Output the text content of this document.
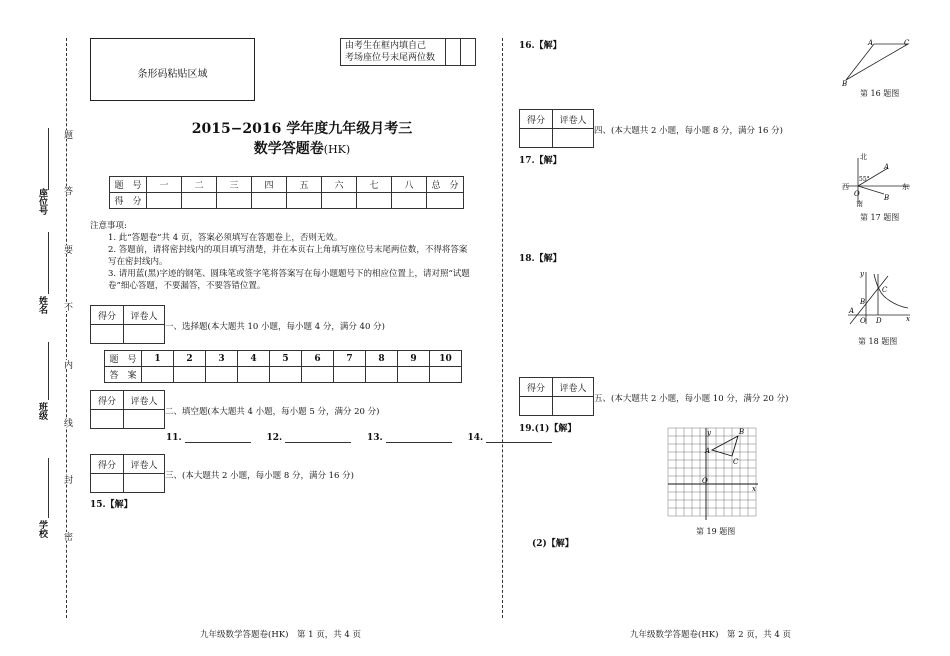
座位号
姓名
班级
学校
题
答
要
不
内
线
封
密
条形码粘贴区域
由考生在框内填自己
考场座位号末尾两位数		
2015−2016 学年度九年级月考三
数学答题卷(HK)
题　号	一	二	三	四	五	六	七	八	总　分
得　分									
注意事项:
1. 此“答题卷”共 4 页，答案必须填写在答题卷上，否则无效。
2. 答题前，请将密封线内的项目填写清楚，并在本页右上角填写座位号末尾两位数，不得将答案写在密封线内。
3. 请用蓝(黑)字迹的钢笔、圆珠笔或签字笔将答案写在每小题题号下的相应位置上，请对照“试题卷”细心答题，不要漏答，不要答错位置。
得分	评卷人

一、选择题(本大题共 10 小题，每小题 4 分，满分 40 分)
题　号	1	2	3	4	5	6	7	8	9	10
答　案										
得分	评卷人

二、填空题(本大题共 4 小题，每小题 5 分，满分 20 分)
11.	12.	13.	14.
得分	评卷人

三、(本大题共 2 小题，每小题 8 分，满分 16 分)
15.【解】
九年级数学答题卷(HK)　第 1 页，共 4 页
16.【解】	A	C
B
第 16 题图
得分	评卷人

四、(本大题共 2 小题，每小题 8 分，满分 16 分)
17.【解】	北
A
55°
西	东
O	B
南
第 17 题图
18.【解】
y
C
B
A
O D	x
第 18 题图
得分	评卷人

五、(本大题共 2 小题，每小题 10 分，满分 20 分)
19.(1)【解】	y	B
A
C
O
x
第 19 题图
(2)【解】
九年级数学答题卷(HK)　第 2 页，共 4 页
